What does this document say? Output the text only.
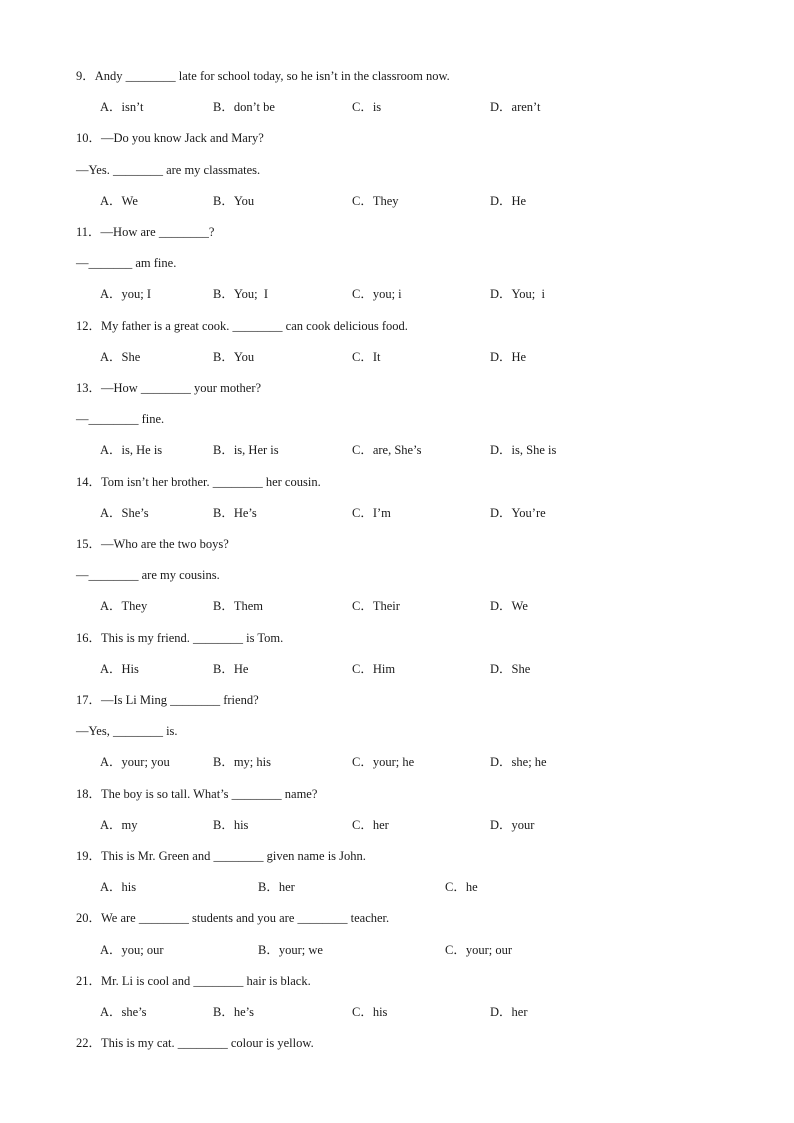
9．Andy ________ late for school today, so he isn’t in the classroom now.
A．isn’t	B．don’t be	C．is	D．aren’t
10．—Do you know Jack and Mary?
—Yes. ________ are my classmates.
A．We	B．You	C．They	D．He
11．—How are ________?
—_______ am fine.
A．you; I	B．You;  I	C．you; i	D．You;  i
12．My father is a great cook. ________ can cook delicious food.
A．She	B．You	C．It	D．He
13．—How ________ your mother?
—________ fine.
A．is, He is	B．is, Her is	C．are, She’s	D．is, She is
14．Tom isn’t her brother. ________ her cousin.
A．She’s	B．He’s	C．I’m	D．You’re
15．—Who are the two boys?
—________ are my cousins.
A．They	B．Them	C．Their	D．We
16．This is my friend. ________ is Tom.
A．His	B．He	C．Him	D．She
17．—Is Li Ming ________ friend?
—Yes, ________ is.
A．your; you	B．my; his	C．your; he	D．she; he
18．The boy is so tall. What’s ________ name?
A．my	B．his	C．her	D．your
19．This is Mr. Green and ________ given name is John.
A．his	B．her	C．he
20．We are ________ students and you are ________ teacher.
A．you; our	B．your; we	C．your; our
21．Mr. Li is cool and ________ hair is black.
A．she’s	B．he’s	C．his	D．her
22．This is my cat. ________ colour is yellow.
